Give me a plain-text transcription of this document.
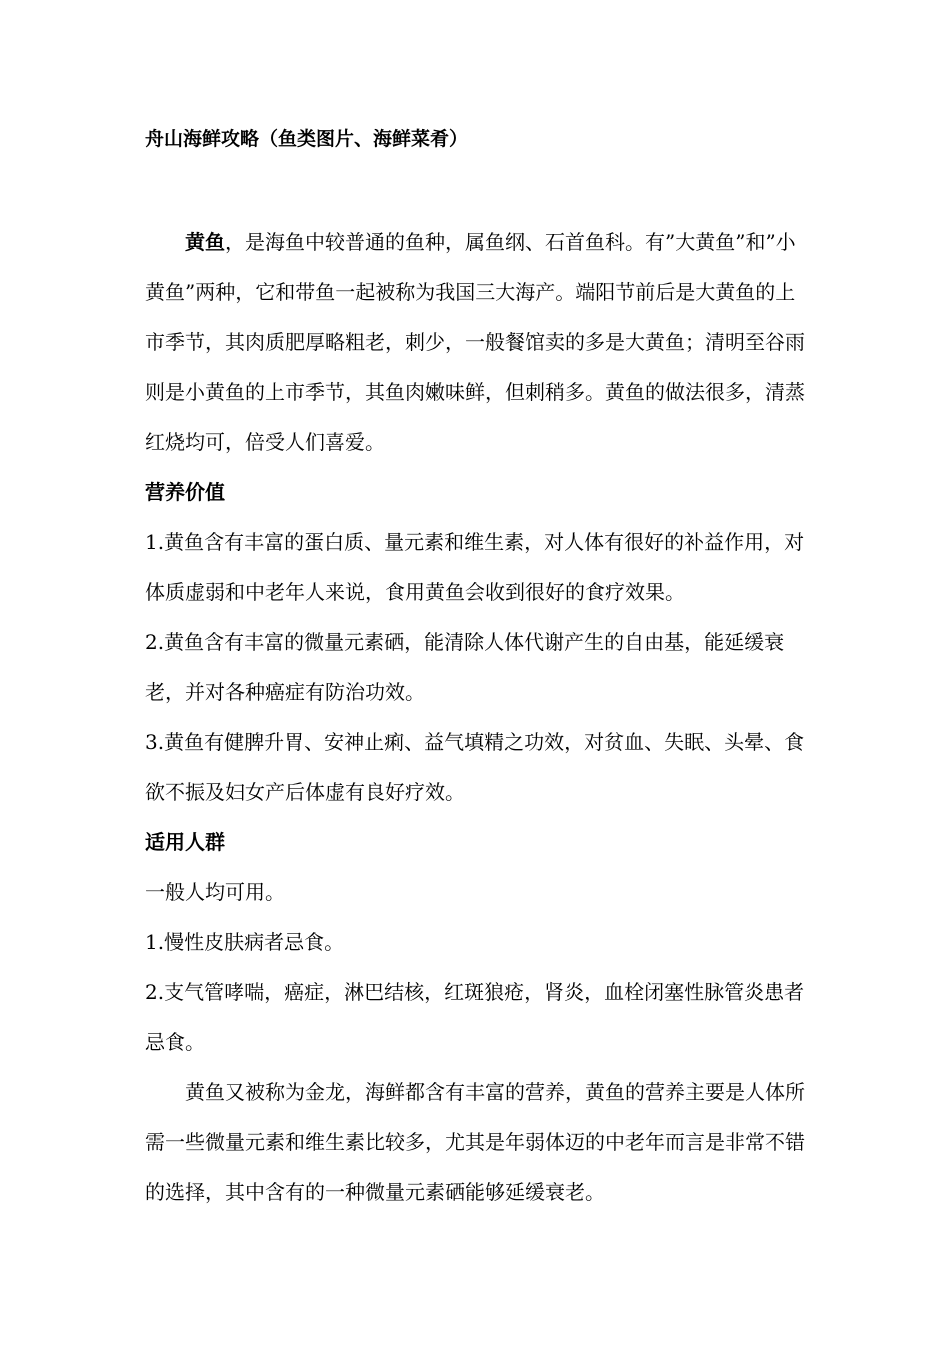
舟山海鲜攻略（鱼类图片、海鲜菜肴）

黄鱼，是海鱼中较普通的鱼种，属鱼纲、石首鱼科。有”大黄鱼”和”小黄鱼”两种，它和带鱼一起被称为我国三大海产。端阳节前后是大黄鱼的上市季节，其肉质肥厚略粗老，刺少，一般餐馆卖的多是大黄鱼；清明至谷雨则是小黄鱼的上市季节，其鱼肉嫩味鲜，但刺稍多。黄鱼的做法很多，清蒸红烧均可，倍受人们喜爱。

营养价值

1.黄鱼含有丰富的蛋白质、量元素和维生素，对人体有很好的补益作用，对体质虚弱和中老年人来说，食用黄鱼会收到很好的食疗效果。

2.黄鱼含有丰富的微量元素硒，能清除人体代谢产生的自由基，能延缓衰老，并对各种癌症有防治功效。

3.黄鱼有健脾升胃、安神止痢、益气填精之功效，对贫血、失眠、头晕、食欲不振及妇女产后体虚有良好疗效。

适用人群

一般人均可用。

1.慢性皮肤病者忌食。

2.支气管哮喘，癌症，淋巴结核，红斑狼疮，肾炎，血栓闭塞性脉管炎患者忌食。

黄鱼又被称为金龙，海鲜都含有丰富的营养，黄鱼的营养主要是人体所需一些微量元素和维生素比较多，尤其是年弱体迈的中老年而言是非常不错的选择，其中含有的一种微量元素硒能够延缓衰老。
